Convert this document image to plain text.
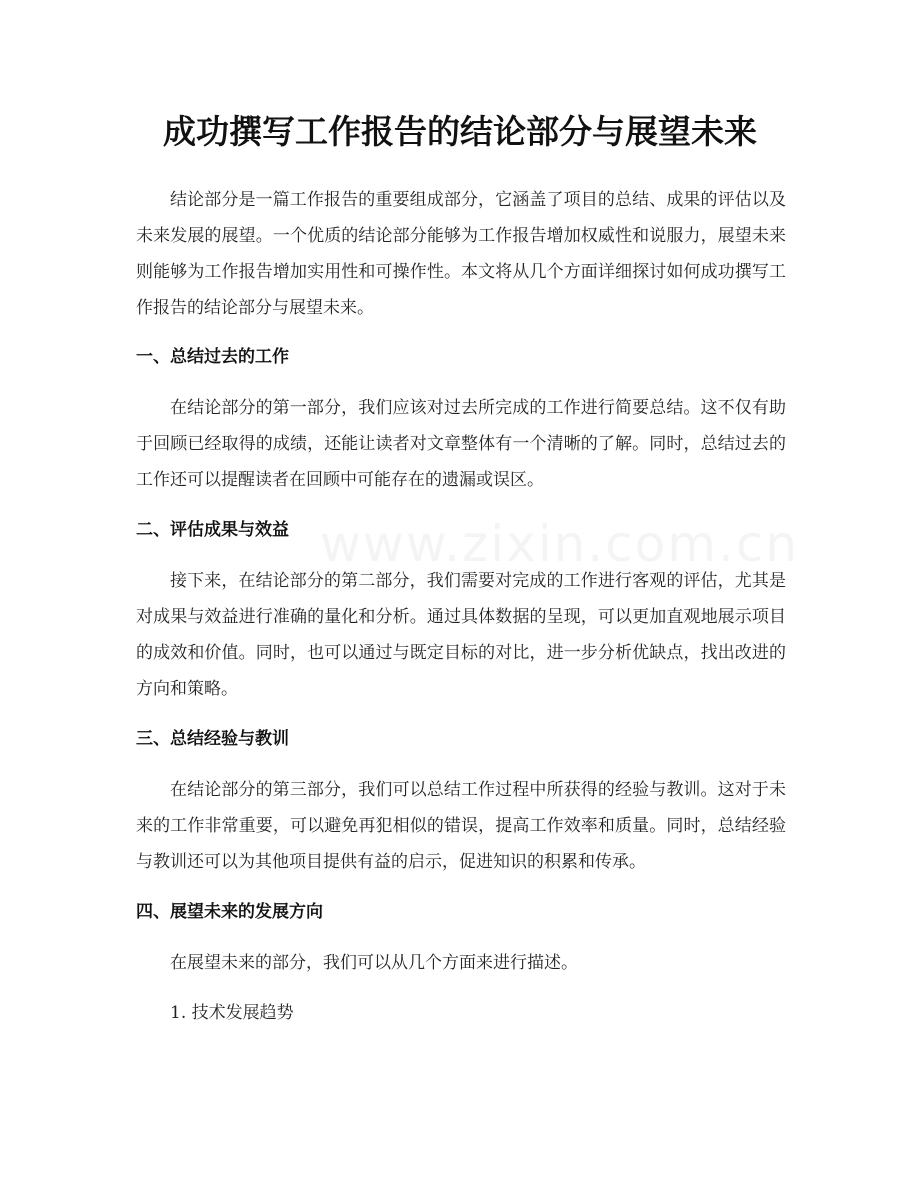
成功撰写工作报告的结论部分与展望未来

结论部分是一篇工作报告的重要组成部分，它涵盖了项目的总结、成果的评估以及未来发展的展望。一个优质的结论部分能够为工作报告增加权威性和说服力，展望未来则能够为工作报告增加实用性和可操作性。本文将从几个方面详细探讨如何成功撰写工作报告的结论部分与展望未来。

一、总结过去的工作

在结论部分的第一部分，我们应该对过去所完成的工作进行简要总结。这不仅有助于回顾已经取得的成绩，还能让读者对文章整体有一个清晰的了解。同时，总结过去的工作还可以提醒读者在回顾中可能存在的遗漏或误区。

二、评估成果与效益

接下来，在结论部分的第二部分，我们需要对完成的工作进行客观的评估，尤其是对成果与效益进行准确的量化和分析。通过具体数据的呈现，可以更加直观地展示项目的成效和价值。同时，也可以通过与既定目标的对比，进一步分析优缺点，找出改进的方向和策略。

三、总结经验与教训

在结论部分的第三部分，我们可以总结工作过程中所获得的经验与教训。这对于未来的工作非常重要，可以避免再犯相似的错误，提高工作效率和质量。同时，总结经验与教训还可以为其他项目提供有益的启示，促进知识的积累和传承。

四、展望未来的发展方向

在展望未来的部分，我们可以从几个方面来进行描述。

1. 技术发展趋势
